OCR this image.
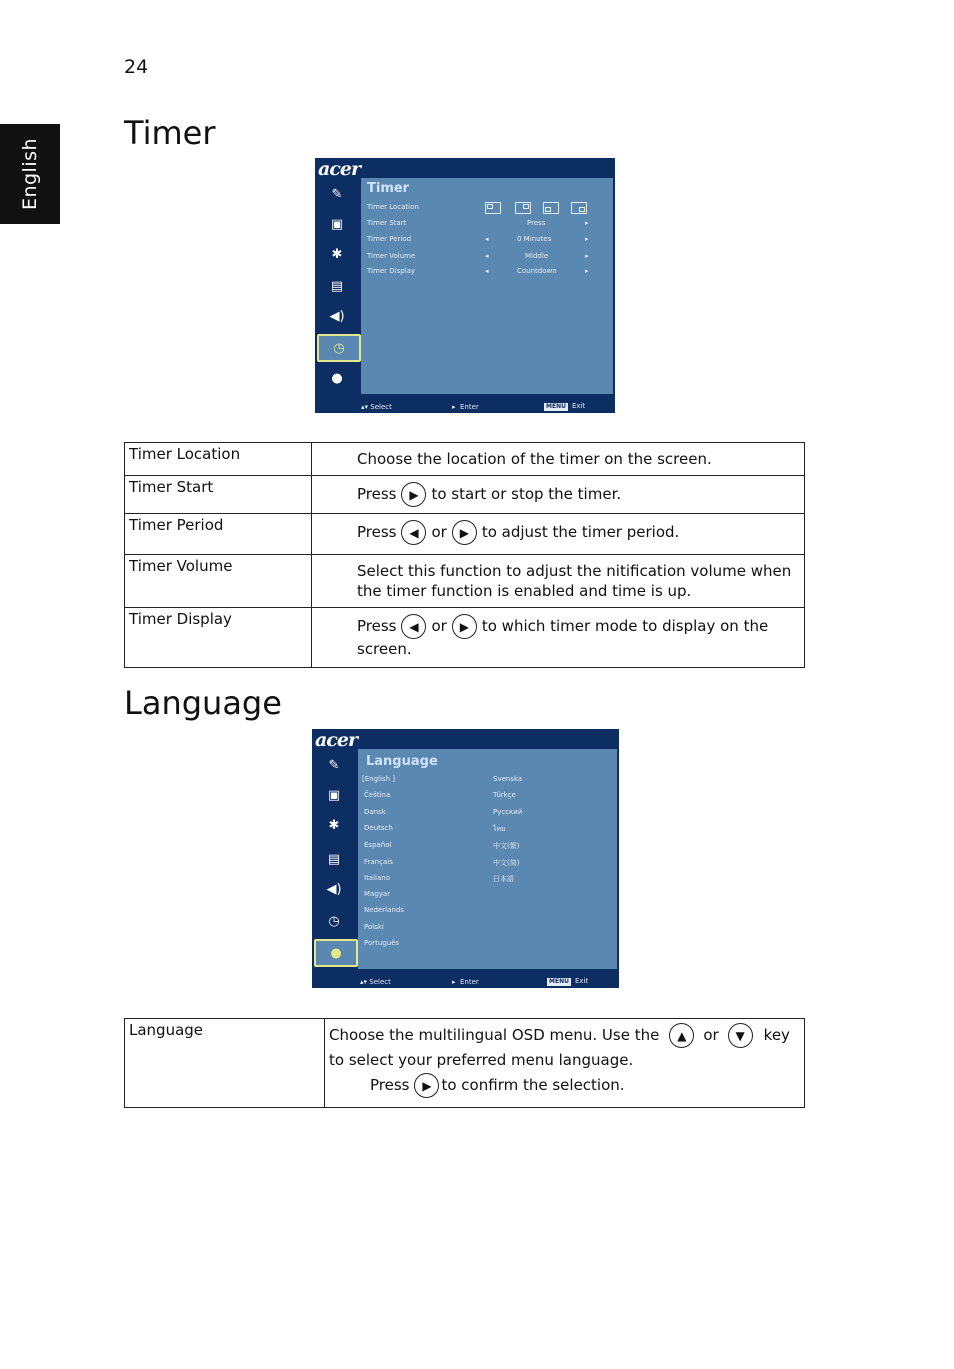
24
English
Timer
acer
✎
▣
✱
▤
◀)
◷
●
Timer
Timer Location
Timer Start	Press	▸
Timer Period	◂	0 Minutes	▸
Timer Volume	◂	Middle	▸
Timer Display	◂	Countdown	▸
▴▾ Select	▸  Enter	MENU Exit
Timer Location	Choose the location of the timer on the screen.
Timer Start	Press ▶ to start or stop the timer.
Timer Period	Press ◀ or ▶ to adjust the timer period.
Timer Volume	Select this function to adjust the nitification volume when the timer function is enabled and time is up.
Timer Display	Press ◀ or ▶ to which timer mode to display on the
screen.
Language
acer
✎
▣
✱
▤
◀)
◷
●
Language
[English ]
Čeština
Dansk
Deutsch
Español
Français
Italiano
Magyar
Nederlands
Polski
Português
Svenska
Türkçe
Русский
ไทย
中文(繁)
中文(简)
日本語
▴▾ Select	▸  Enter	MENU Exit
Language	Choose the multilingual OSD menu. Use the ▲ or ▼ key
to select your preferred menu language.
Press ▶ to confirm the selection.
